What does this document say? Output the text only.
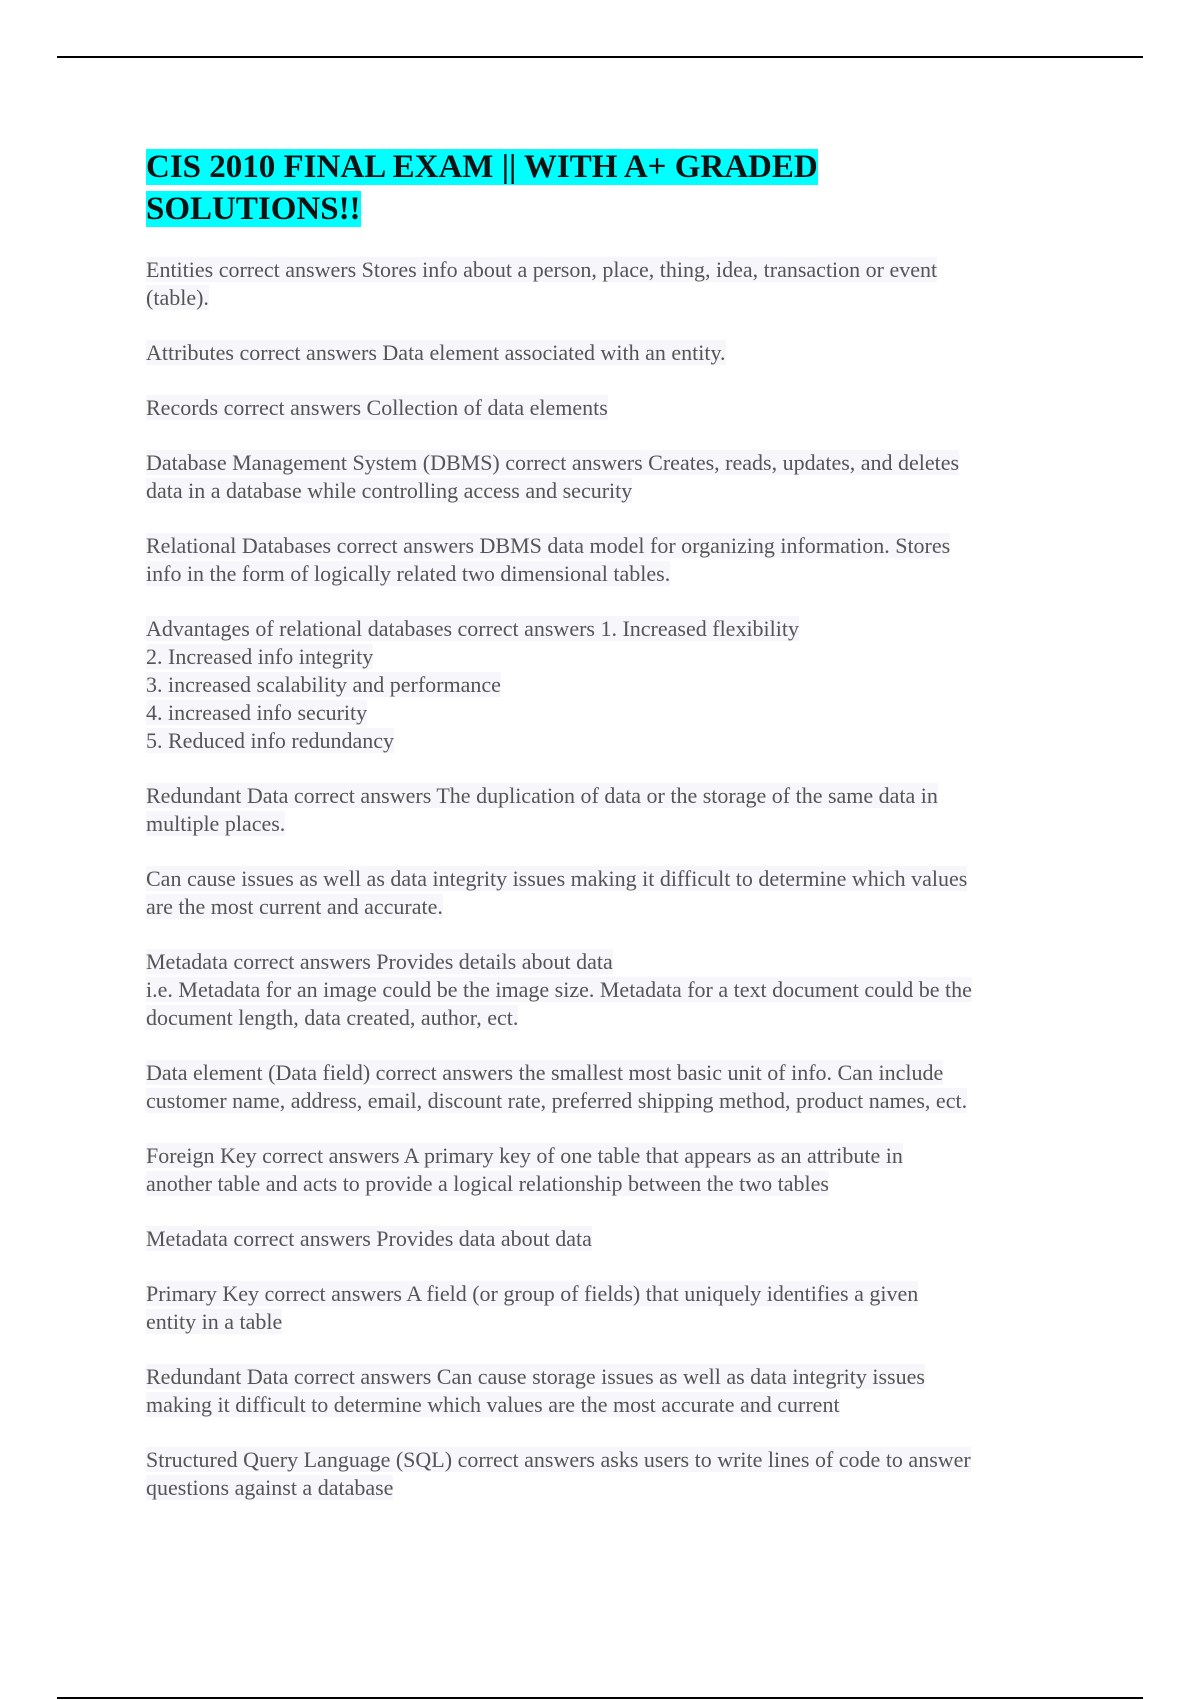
CIS 2010 FINAL EXAM || WITH A+ GRADED
SOLUTIONS!!

Entities correct answers Stores info about a person, place, thing, idea, transaction or event
(table).

Attributes correct answers Data element associated with an entity.

Records correct answers Collection of data elements

Database Management System (DBMS) correct answers Creates, reads, updates, and deletes
data in a database while controlling access and security

Relational Databases correct answers DBMS data model for organizing information. Stores
info in the form of logically related two dimensional tables.

Advantages of relational databases correct answers 1. Increased flexibility
2. Increased info integrity
3. increased scalability and performance
4. increased info security
5. Reduced info redundancy

Redundant Data correct answers The duplication of data or the storage of the same data in
multiple places.

Can cause issues as well as data integrity issues making it difficult to determine which values
are the most current and accurate.

Metadata correct answers Provides details about data
i.e. Metadata for an image could be the image size. Metadata for a text document could be the
document length, data created, author, ect.

Data element (Data field) correct answers the smallest most basic unit of info. Can include
customer name, address, email, discount rate, preferred shipping method, product names, ect.

Foreign Key correct answers A primary key of one table that appears as an attribute in
another table and acts to provide a logical relationship between the two tables

Metadata correct answers Provides data about data

Primary Key correct answers A field (or group of fields) that uniquely identifies a given
entity in a table

Redundant Data correct answers Can cause storage issues as well as data integrity issues
making it difficult to determine which values are the most accurate and current

Structured Query Language (SQL) correct answers asks users to write lines of code to answer
questions against a database
